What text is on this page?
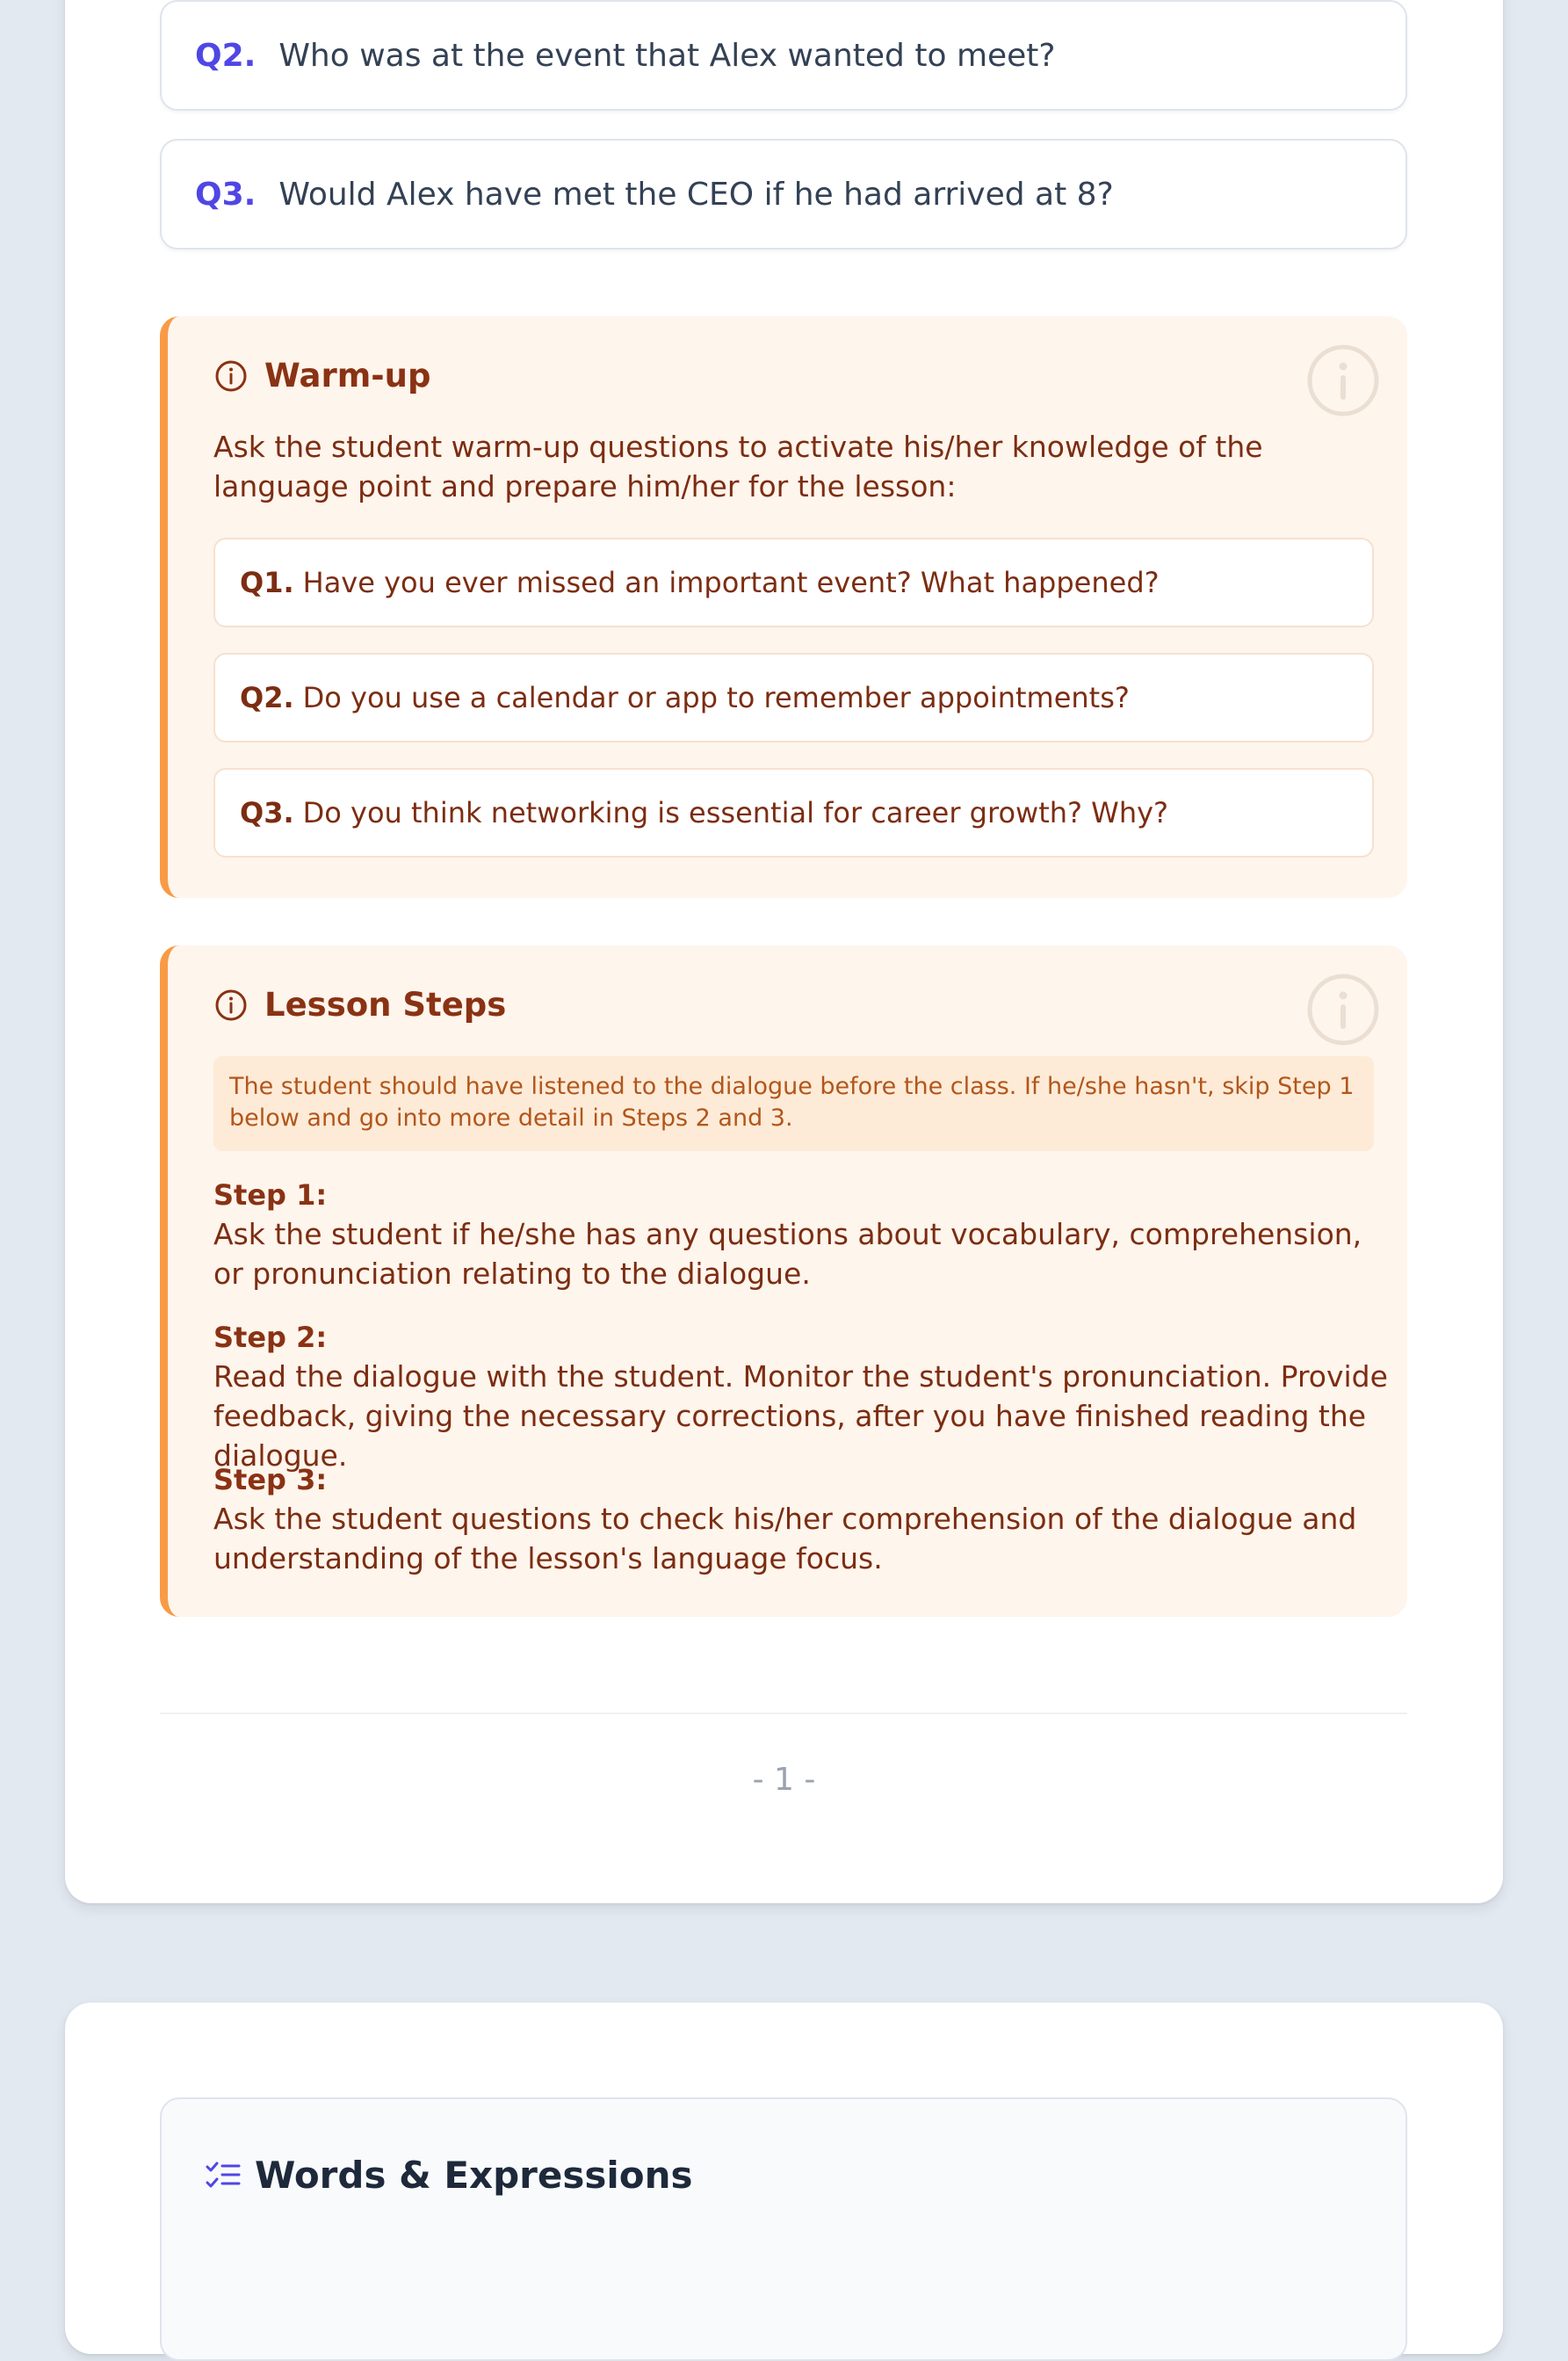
Q2. Who was at the event that Alex wanted to meet?
Q3. Would Alex have met the CEO if he had arrived at 8?
Warm-up

Ask the student warm-up questions to activate his/her knowledge of the language point and prepare him/her for the lesson:

Q1. Have you ever missed an important event? What happened?
Q2. Do you use a calendar or app to remember appointments?
Q3. Do you think networking is essential for career growth? Why?
Lesson Steps
The student should have listened to the dialogue before the class. If he/she hasn't, skip Step 1 below and go into more detail in Steps 2 and 3.
Step 1:
Ask the student if he/she has any questions about vocabulary, comprehension, or pronunciation relating to the dialogue.
Step 2:
Read the dialogue with the student. Monitor the student's pronunciation. Provide feedback, giving the necessary corrections, after you have finished reading the dialogue.
Step 3:
Ask the student questions to check his/her comprehension of the dialogue and understanding of the lesson's language focus.
- 1 -
Words & Expressions
